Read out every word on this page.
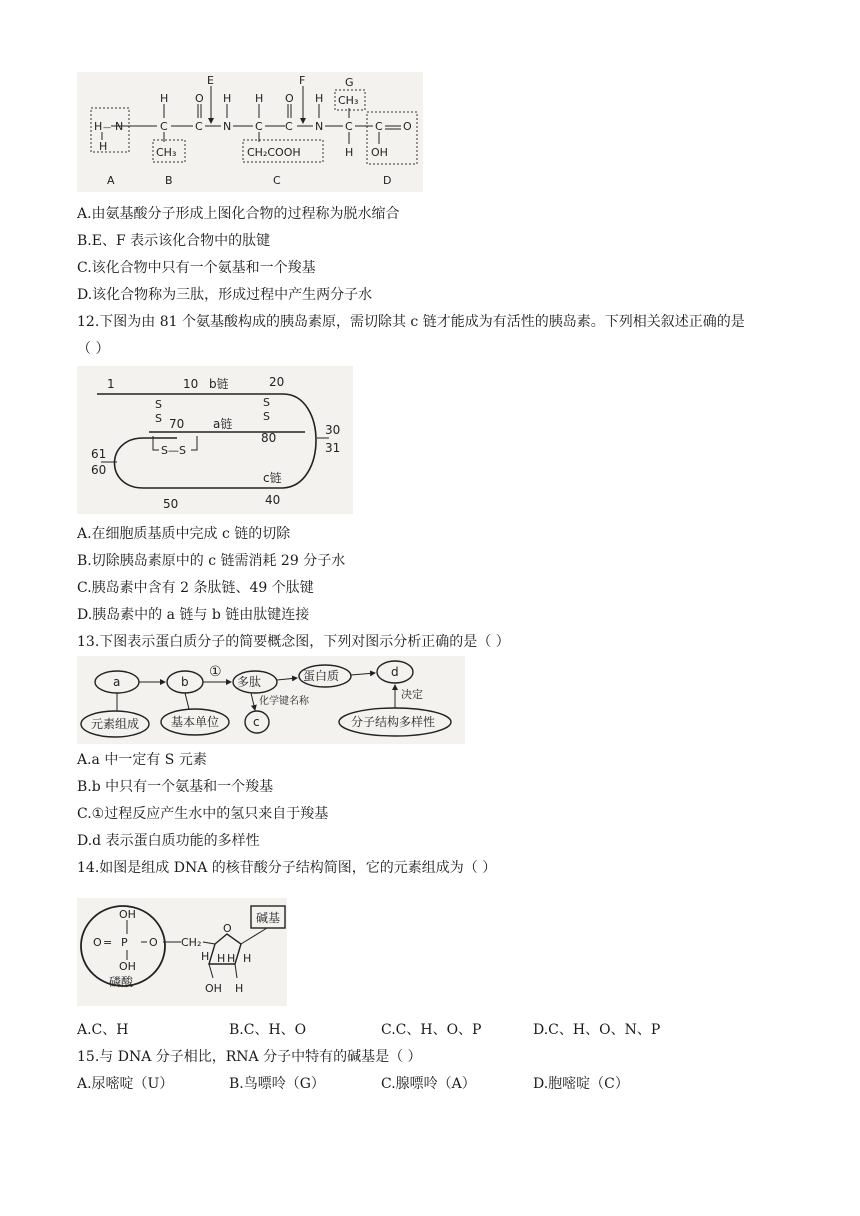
H — N
H
H
C
CH₃
O
C
E
H
N
H
C
CH₂COOH
O
C
F
H
N
G
CH₃
C
H
C O
OH
A	B	C	D
A.由氨基酸分子形成上图化合物的过程称为脱水缩合
B.E、F 表示该化合物中的肽键
C.该化合物中只有一个氨基和一个羧基
D.该化合物称为三肽，形成过程中产生两分子水
12.下图为由 81 个氨基酸构成的胰岛素原，需切除其 c 链才能成为有活性的胰岛素。下列相关叙述正确的是
（ ）
1	10 b链	20
S
S
S
S
70 a链
80
S—S
30
31
61
60
c链
50	40
A.在细胞质基质中完成 c 链的切除
B.切除胰岛素原中的 c 链需消耗 29 分子水
C.胰岛素中含有 2 条肽链、49 个肽键
D.胰岛素中的 a 链与 b 链由肽键连接
13.下图表示蛋白质分子的简要概念图，下列对图示分析正确的是（ ）
a	b
①
多肽	蛋白质	d
化学键名称
c
决定
元素组成	基本单位	分子结构多样性
A.a 中一定有 S 元素
B.b 中只有一个氨基和一个羧基
C.①过程反应产生水中的氢只来自于羧基
D.d 表示蛋白质功能的多样性
14.如图是组成 DNA 的核苷酸分子结构简图，它的元素组成为（ ）
OH
O = P O
OH
磷酸
CH₂
O
碱基
H H H H
OH H
A.C、H	B.C、H、O	C.C、H、O、P	D.C、H、O、N、P
15.与 DNA 分子相比，RNA 分子中特有的碱基是（ ）
A.尿嘧啶（U）	B.鸟嘌呤（G）	C.腺嘌呤（A）	D.胞嘧啶（C）
